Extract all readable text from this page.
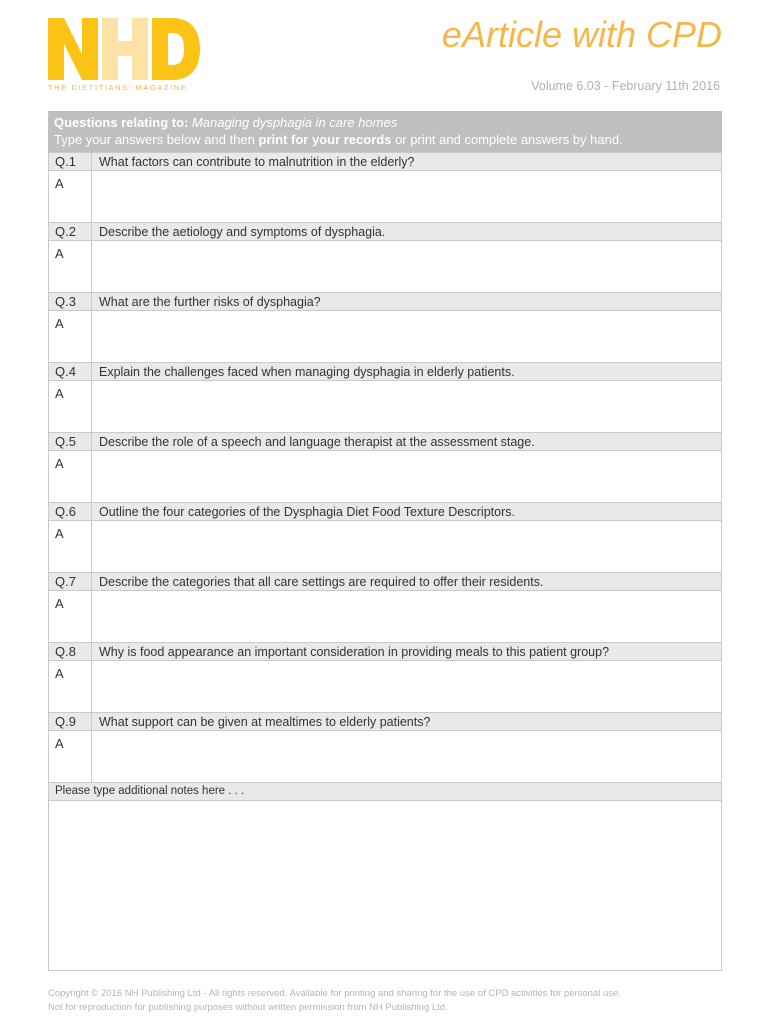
THE DIETITIANS' MAGAZINE
eArticle with CPD
Volume 6.03 - February 11th 2016
Questions relating to: Managing dysphagia in care homes
Type your answers below and then print for your records or print and complete answers by hand.
Q.1	What factors can contribute to malnutrition in the elderly?
A
Q.2	Describe the aetiology and symptoms of dysphagia.
A
Q.3	What are the further risks of dysphagia?
A
Q.4	Explain the challenges faced when managing dysphagia in elderly patients.
A
Q.5	Describe the role of a speech and language therapist at the assessment stage.
A
Q.6	Outline the four categories of the Dysphagia Diet Food Texture Descriptors.
A
Q.7	Describe the categories that all care settings are required to offer their residents.
A
Q.8	Why is food appearance an important consideration in providing meals to this patient group?
A
Q.9	What support can be given at mealtimes to elderly patients?
A
Please type additional notes here . . .
Copyright © 2016 NH Publishing Ltd - All rights reserved. Available for printing and sharing for the use of CPD activities for personal use.
Not for reproduction for publishing purposes without written permission from NH Publishing Ltd.
